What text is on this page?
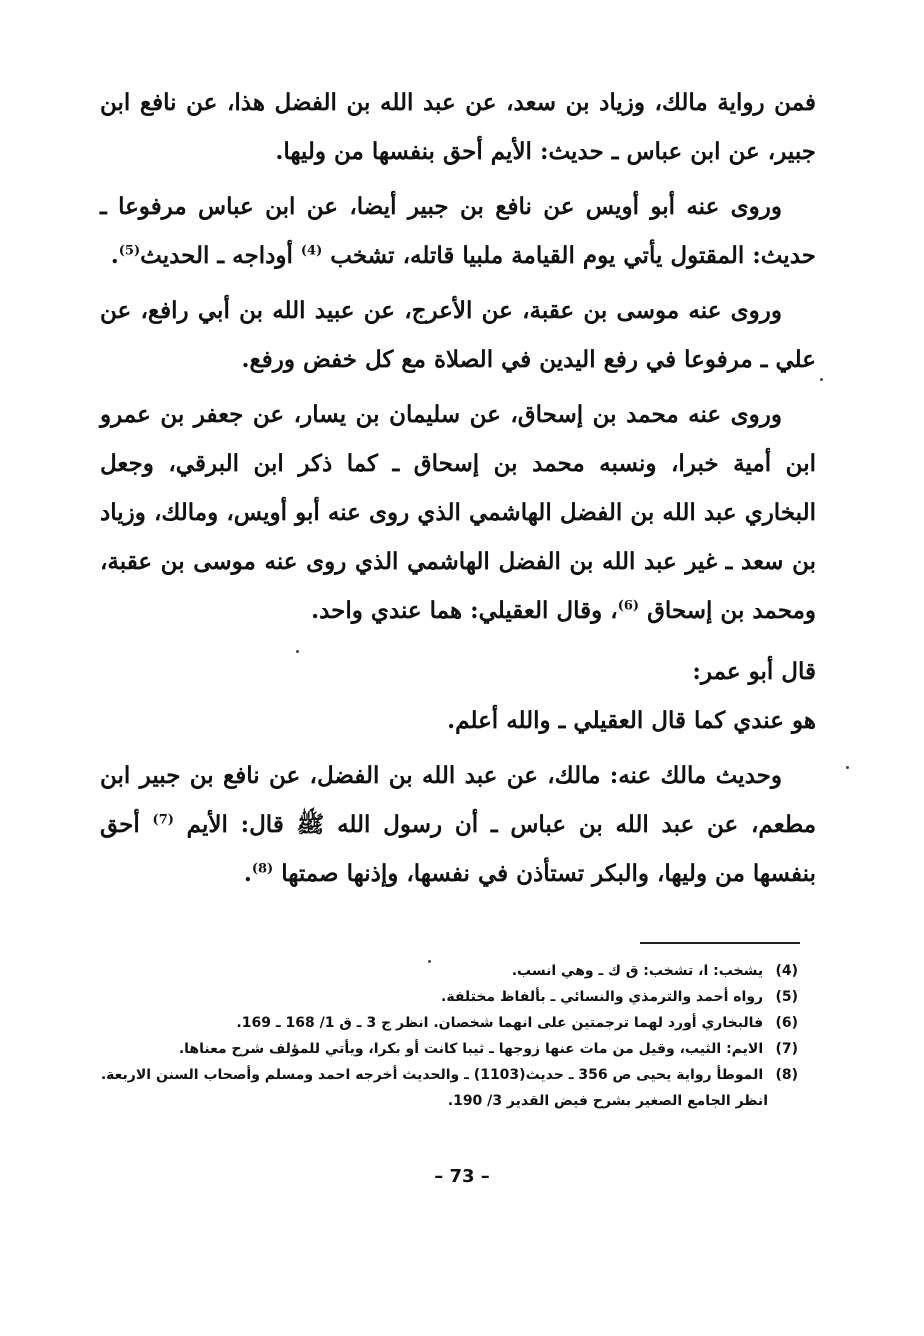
فمن رواية مالك، وزياد بن سعد، عن عبد الله بن الفضل هذا، عن نافع ابن جبير، عن ابن عباس ـ حديث: الأيم أحق بنفسها من وليها.

وروى عنه أبو أويس عن نافع بن جبير أيضا، عن ابن عباس مرفوعا ـ حديث: المقتول يأتي يوم القيامة ملبيا قاتله، تشخب $^{(4)}$ أوداجه ـ الحديث$^{(5)}$.

وروى عنه موسى بن عقبة، عن الأعرج، عن عبيد الله بن أبي رافع، عن علي ـ مرفوعا في رفع اليدين في الصلاة مع كل خفض ورفع.

وروى عنه محمد بن إسحاق، عن سليمان بن يسار، عن جعفر بن عمرو ابن أمية خبرا، ونسبه محمد بن إسحاق ـ كما ذكر ابن البرقي، وجعل البخاري عبد الله بن الفضل الهاشمي الذي روى عنه أبو أويس، ومالك، وزياد بن سعد ـ غير عبد الله بن الفضل الهاشمي الذي روى عنه موسى بن عقبة، ومحمد بن إسحاق $^{(6)}$، وقال العقيلي: هما عندي واحد.

قال أبو عمر:

هو عندي كما قال العقيلي ـ والله أعلم.

وحديث مالك عنه: مالك، عن عبد الله بن الفضل، عن نافع بن جبير ابن مطعم، عن عبد الله بن عباس ـ أن رسول الله ﷺ قال: الأيم $^{(7)}$ أحق بنفسها من وليها، والبكر تستأذن في نفسها، وإذنها صمتها $^{(8)}$.

(4) يشخب: ا، تشخب: ق ك ـ وهي انسب.

(5) رواه أحمد والترمذي والنسائي ـ بألفاظ مختلفة.

(6) فالبخاري أورد لهما ترجمتين على انهما شخصان. انظر ج 3 ـ ق 1/ 168 ـ 169.

(7) الايم: الثيب، وقيل من مات عنها زوجها ـ ثيبا كانت أو بكرا، ويأتي للمؤلف شرح معناها.

(8) الموطأ رواية يحيى ص 356 ـ حديث(1103) ـ والحديث أخرجه احمد ومسلم وأصحاب السنن الاربعة.

انظر الجامع الصغير بشرح فيض القدير 3/ 190.

– 73 –
